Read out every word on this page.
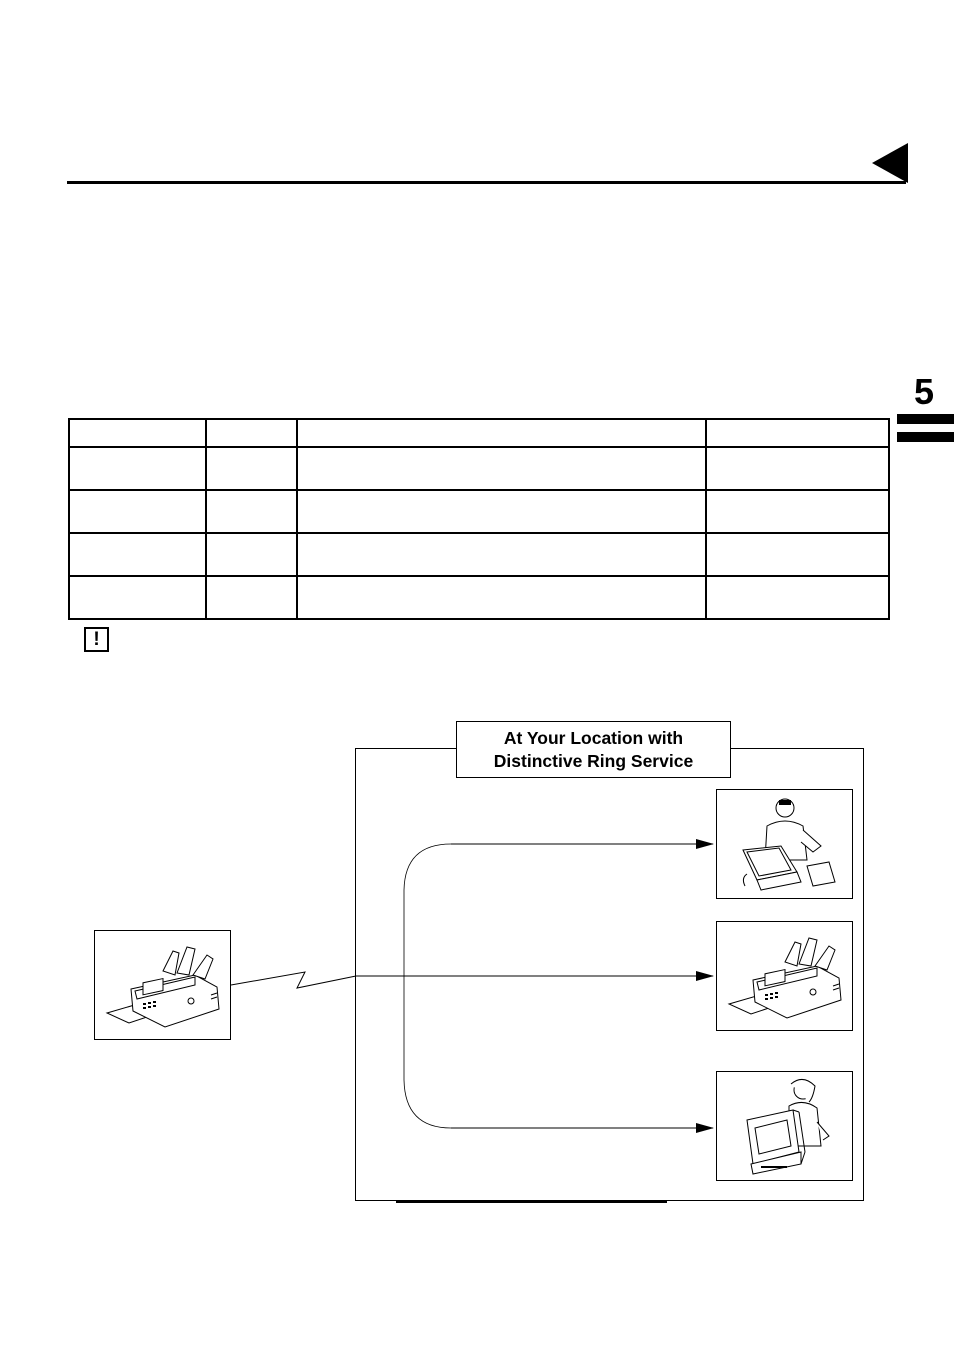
5

!
At Your Location with
Distinctive Ring Service
